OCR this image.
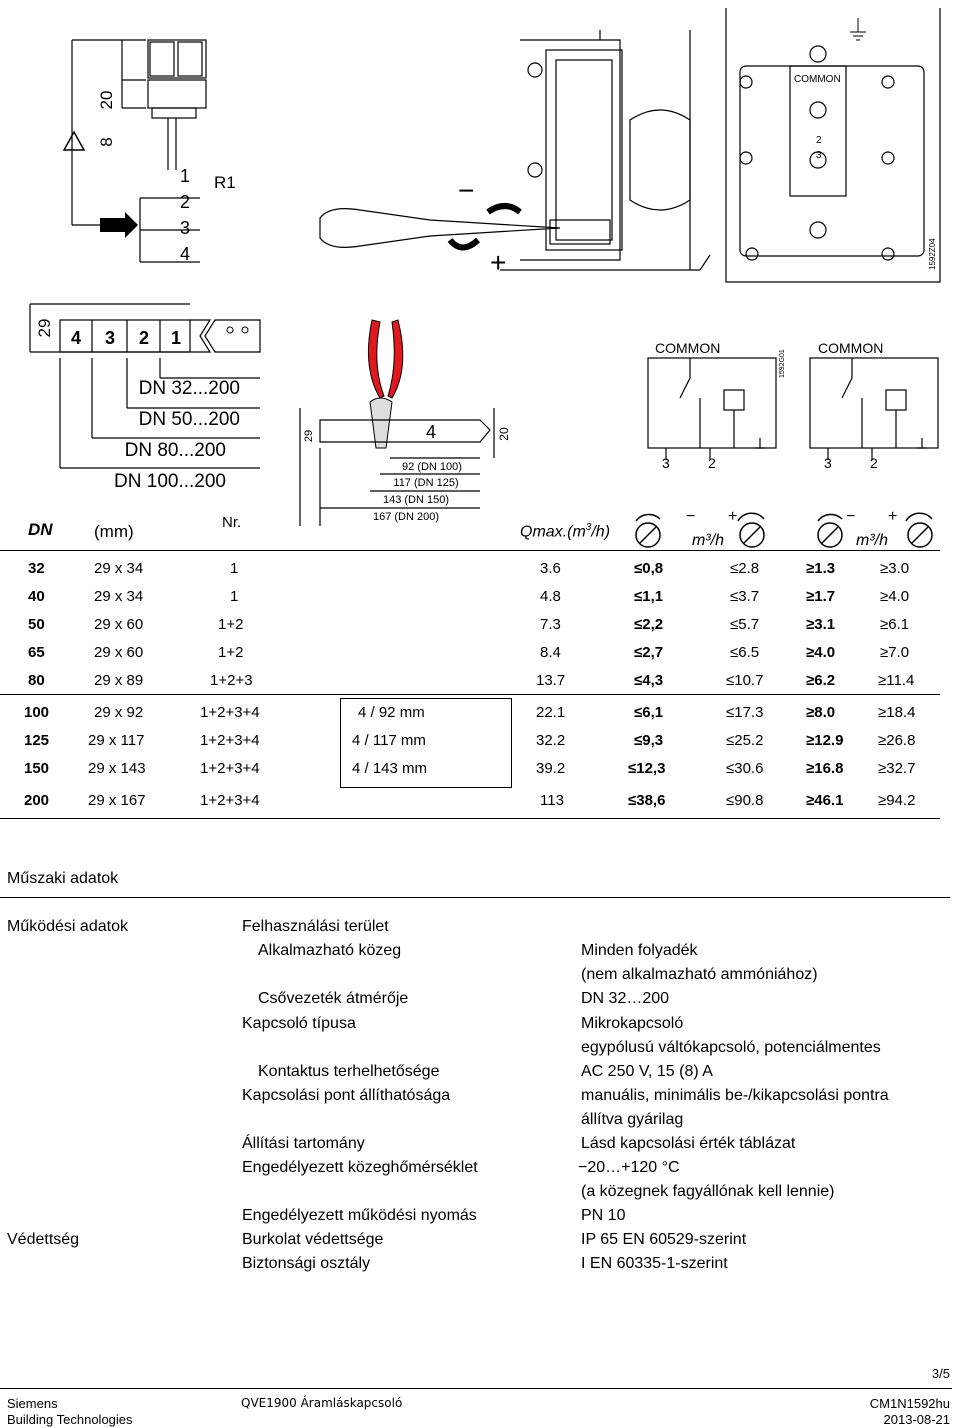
!
20
8
1 R1
2
3
4
−
+
COMMON
2
3
1592Z04
29 4 3 2 1
DN 32...200
DN 50...200
DN 80...200
DN 100...200
4	20
92 (DN 100)
117 (DN 125)
143 (DN 150)
167 (DN 200)
29
COMMON	COMMON
1592G01
3	2	3	2
DN (mm)	Nr.
$Qmax.(m^3/h)$
− +
m³/h
− +
m³/h
32	29 x 34	1	3.6	≤0,8	≤2.8	≥1.3	≥3.0
40	29 x 34	1	4.8	≤1,1	≤3.7	≥1.7	≥4.0
50	29 x 60	1+2	7.3	≤2,2	≤5.7	≥3.1	≥6.1
65	29 x 60	1+2	8.4	≤2,7	≤6.5	≥4.0	≥7.0
80	29 x 89	1+2+3	13.7	≤4,3	≤10.7	≥6.2	≥11.4
100	29 x 92	1+2+3+4	4 / 92 mm	22.1	≤6,1	≤17.3	≥8.0	≥18.4
125	29 x 117	1+2+3+4	4 / 117 mm	32.2	≤9,3	≤25.2	≥12.9 ≥26.8
150	29 x 143	1+2+3+4	4 / 143 mm	39.2	≤12,3	≤30.6	≥16.8 ≥32.7
200	29 x 167	1+2+3+4	113	≤38,6	≤90.8	≥46.1 ≥94.2
Műszaki adatok
Működési adatok	Felhasználási terület
Alkalmazható közeg	Minden folyadék
(nem alkalmazható ammóniához)
Csővezeték átmérője	DN 32…200
Kapcsoló típusa	Mikrokapcsoló
egypólusú váltókapcsoló, potenciálmentes
Kontaktus terhelhetősége	AC 250 V, 15 (8) A
Kapcsolási pont állíthatósága	manuális, minimális be-/kikapcsolási pontra
állítva gyárilag
Állítási tartomány	Lásd kapcsolási érték táblázat
Engedélyezett közeghőmérséklet	−20…+120 °C
(a közegnek fagyállónak kell lennie)
Engedélyezett működési nyomás	PN 10
Védettség	Burkolat védettsége	IP 65 EN 60529-szerint
Biztonsági osztály	I EN 60335-1-szerint
3/5
Siemens
Building Technologies
QVE1900 Áramláskapcsoló	CM1N1592hu
2013-08-21
